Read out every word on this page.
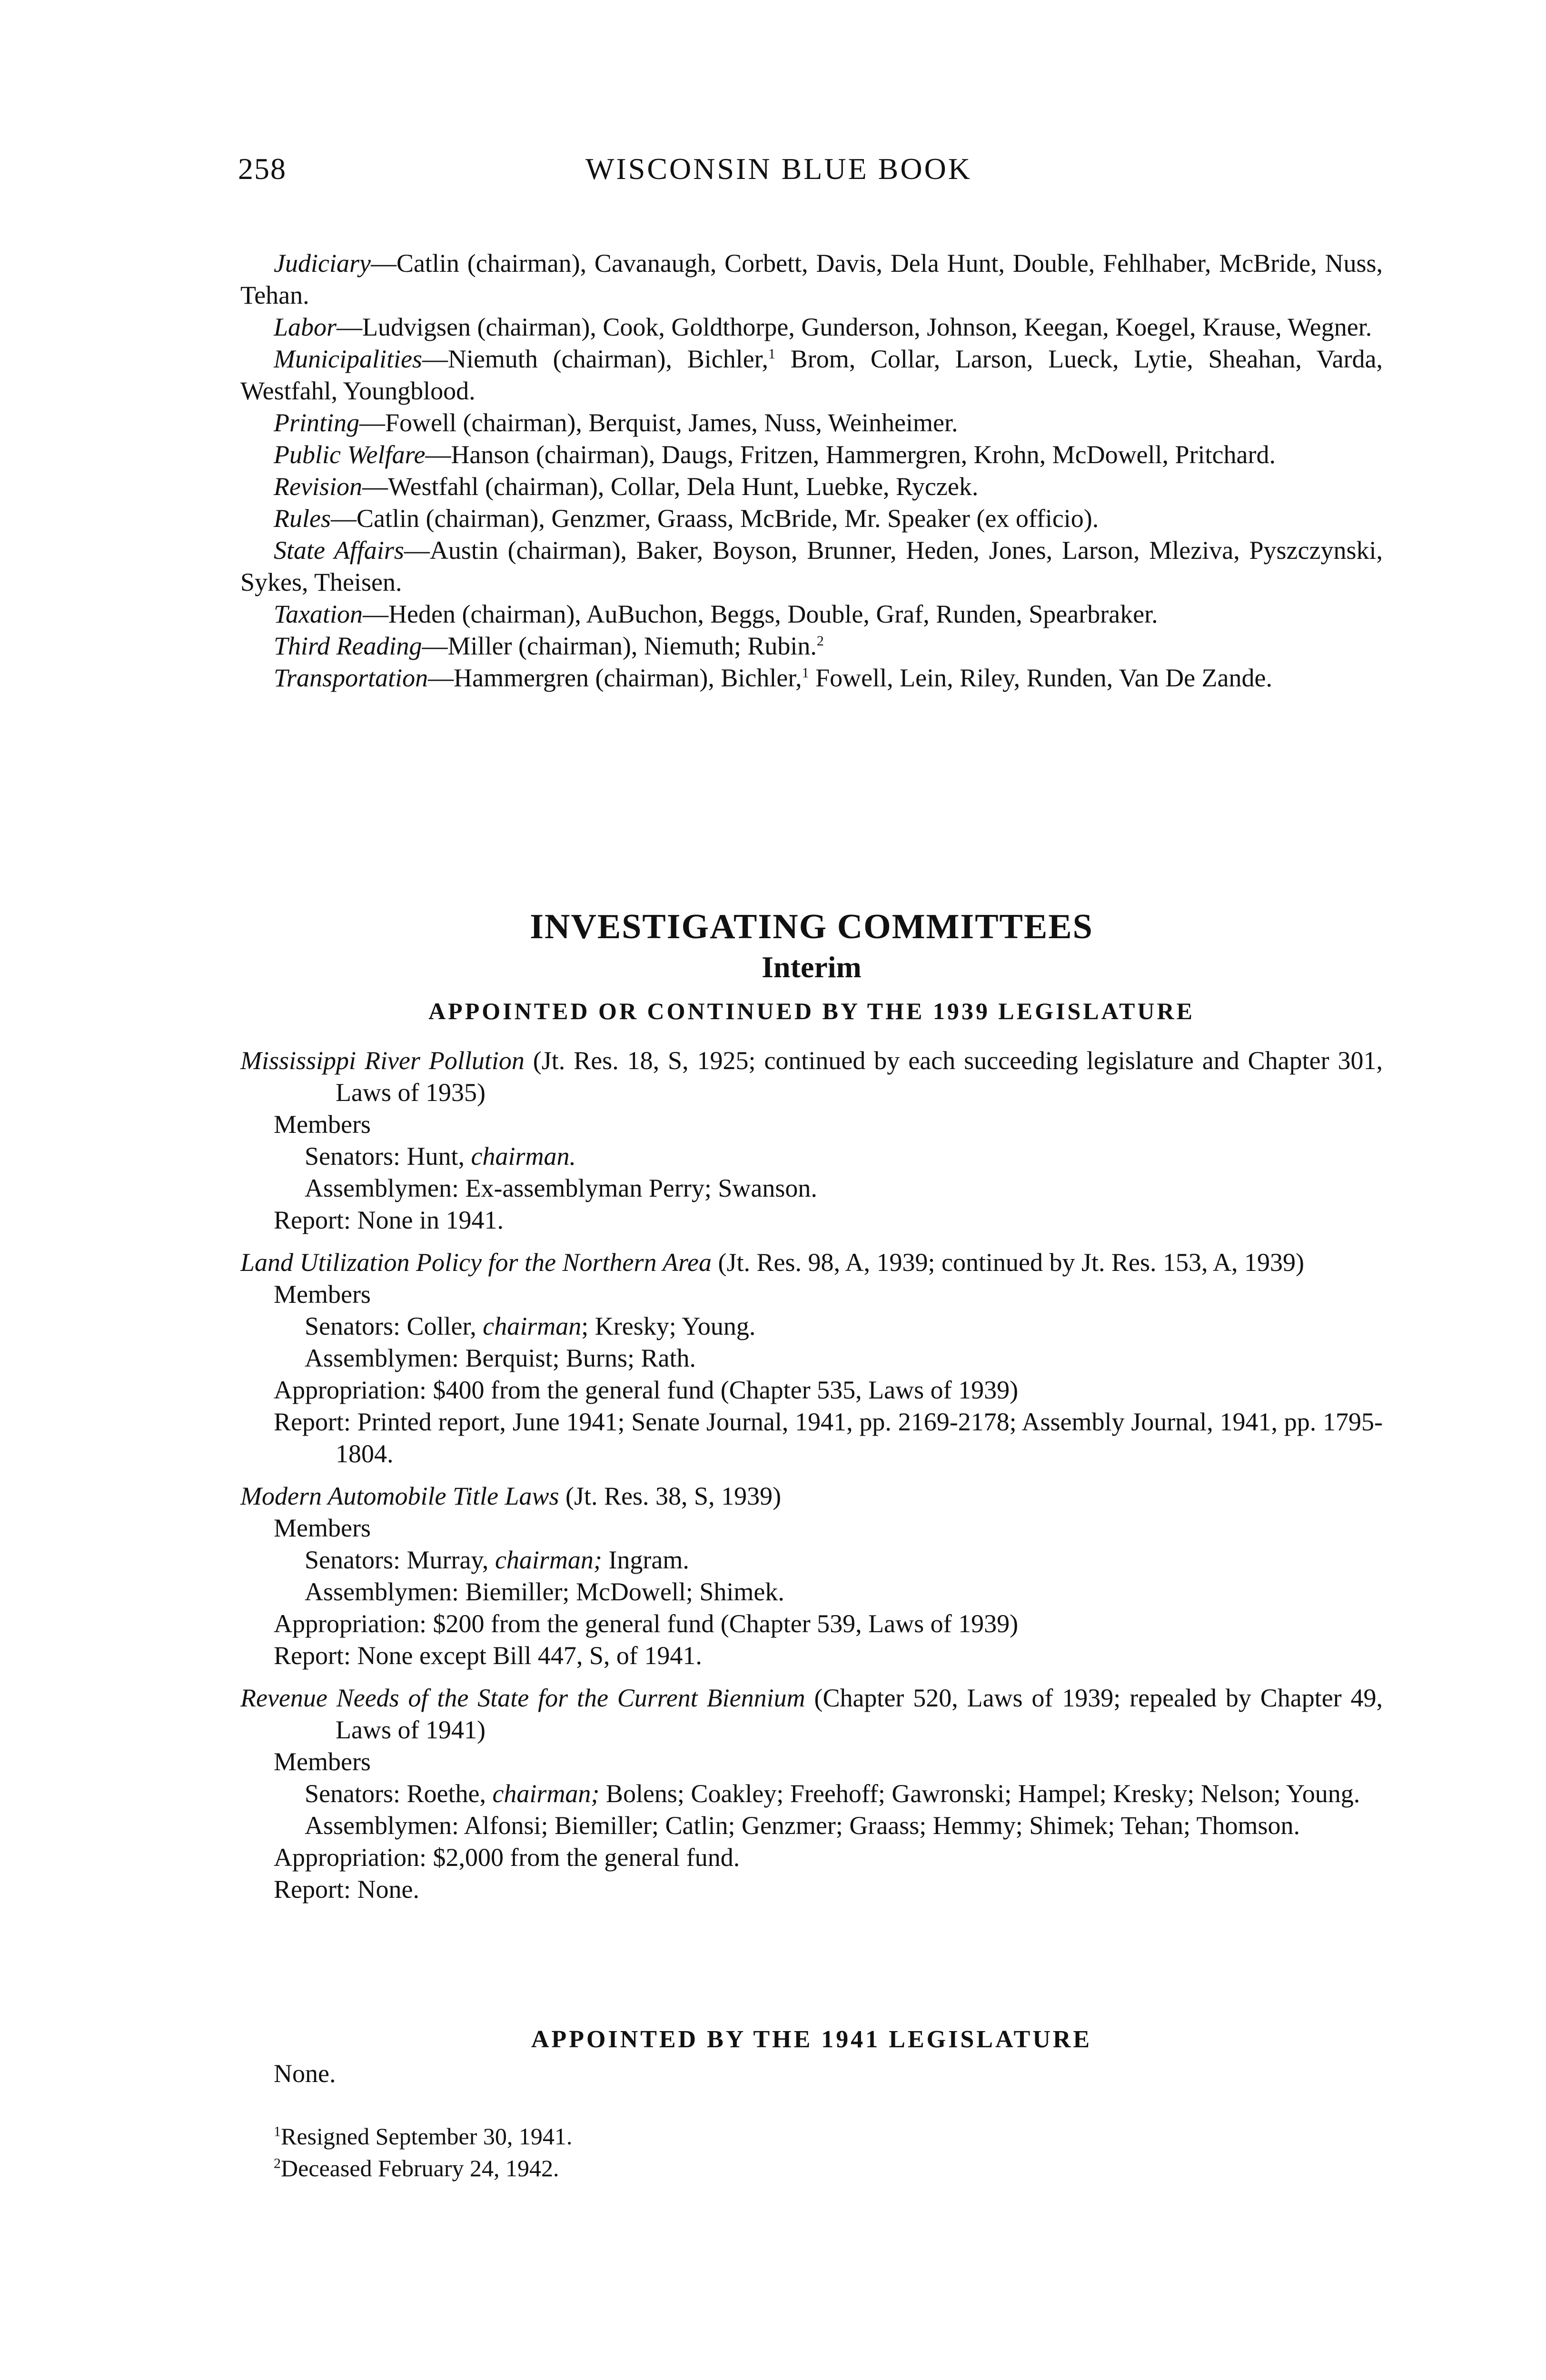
258	WISCONSIN BLUE BOOK

Judiciary—Catlin (chairman), Cavanaugh, Corbett, Davis, Dela Hunt, Double, Fehlhaber, McBride, Nuss, Tehan.

Labor—Ludvigsen (chairman), Cook, Goldthorpe, Gunderson, Johnson, Keegan, Koegel, Krause, Wegner.

Municipalities—Niemuth (chairman), Bichler,$^1$ Brom, Collar, Larson, Lueck, Lytie, Sheahan, Varda, Westfahl, Youngblood.

Printing—Fowell (chairman), Berquist, James, Nuss, Weinheimer.

Public Welfare—Hanson (chairman), Daugs, Fritzen, Hammergren, Krohn, McDowell, Pritchard.

Revision—Westfahl (chairman), Collar, Dela Hunt, Luebke, Ryczek.

Rules—Catlin (chairman), Genzmer, Graass, McBride, Mr. Speaker (ex officio).

State Affairs—Austin (chairman), Baker, Boyson, Brunner, Heden, Jones, Larson, Mleziva, Pyszczynski, Sykes, Theisen.

Taxation—Heden (chairman), AuBuchon, Beggs, Double, Graf, Runden, Spearbraker.

Third Reading—Miller (chairman), Niemuth; Rubin.$^2$

Transportation—Hammergren (chairman), Bichler,$^1$ Fowell, Lein, Riley, Runden, Van De Zande.

INVESTIGATING COMMITTEES
Interim
APPOINTED OR CONTINUED BY THE 1939 LEGISLATURE

Mississippi River Pollution (Jt. Res. 18, S, 1925; continued by each succeeding legislature and Chapter 301, Laws of 1935)

Members

Senators: Hunt, chairman.

Assemblymen: Ex-assemblyman Perry; Swanson.

Report: None in 1941.

Land Utilization Policy for the Northern Area (Jt. Res. 98, A, 1939; continued by Jt. Res. 153, A, 1939)

Members

Senators: Coller, chairman; Kresky; Young.

Assemblymen: Berquist; Burns; Rath.

Appropriation: $400 from the general fund (Chapter 535, Laws of 1939)

Report: Printed report, June 1941; Senate Journal, 1941, pp. 2169-2178; Assembly Journal, 1941, pp. 1795-1804.

Modern Automobile Title Laws (Jt. Res. 38, S, 1939)

Members

Senators: Murray, chairman; Ingram.

Assemblymen: Biemiller; McDowell; Shimek.

Appropriation: $200 from the general fund (Chapter 539, Laws of 1939)

Report: None except Bill 447, S, of 1941.

Revenue Needs of the State for the Current Biennium (Chapter 520, Laws of 1939; repealed by Chapter 49, Laws of 1941)

Members

Senators: Roethe, chairman; Bolens; Coakley; Freehoff; Gawronski; Hampel; Kresky; Nelson; Young.

Assemblymen: Alfonsi; Biemiller; Catlin; Genzmer; Graass; Hemmy; Shimek; Tehan; Thomson.

Appropriation: $2,000 from the general fund.

Report: None.

APPOINTED BY THE 1941 LEGISLATURE
None.

$^1$Resigned September 30, 1941.

$^2$Deceased February 24, 1942.
